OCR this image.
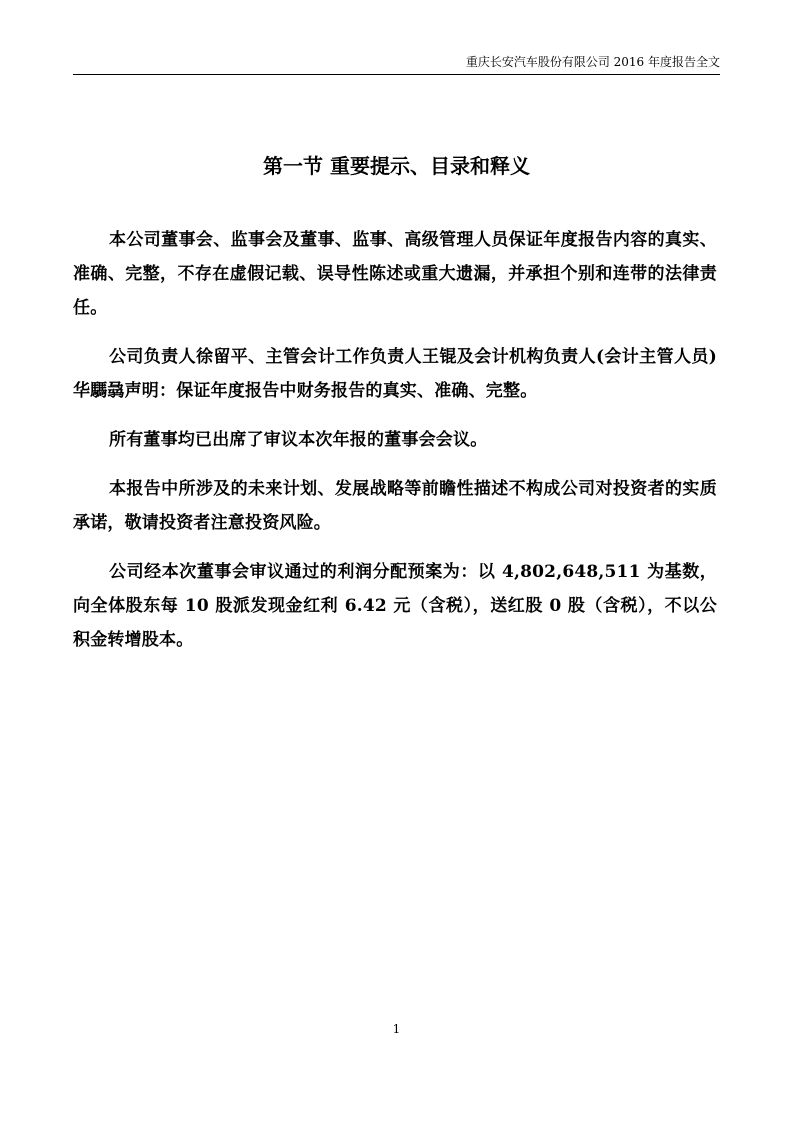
重庆长安汽车股份有限公司 2016 年度报告全文
第一节 重要提示、目录和释义

本公司董事会、监事会及董事、监事、高级管理人员保证年度报告内容的真实、准确、完整，不存在虚假记载、误导性陈述或重大遗漏，并承担个别和连带的法律责任。

公司负责人徐留平、主管会计工作负责人王锟及会计机构负责人(会计主管人员)华騳骉声明：保证年度报告中财务报告的真实、准确、完整。

所有董事均已出席了审议本次年报的董事会会议。

本报告中所涉及的未来计划、发展战略等前瞻性描述不构成公司对投资者的实质承诺，敬请投资者注意投资风险。

公司经本次董事会审议通过的利润分配预案为：以 4,802,648,511 为基数，向全体股东每 10 股派发现金红利 6.42 元（含税），送红股 0 股（含税），不以公积金转增股本。

1
